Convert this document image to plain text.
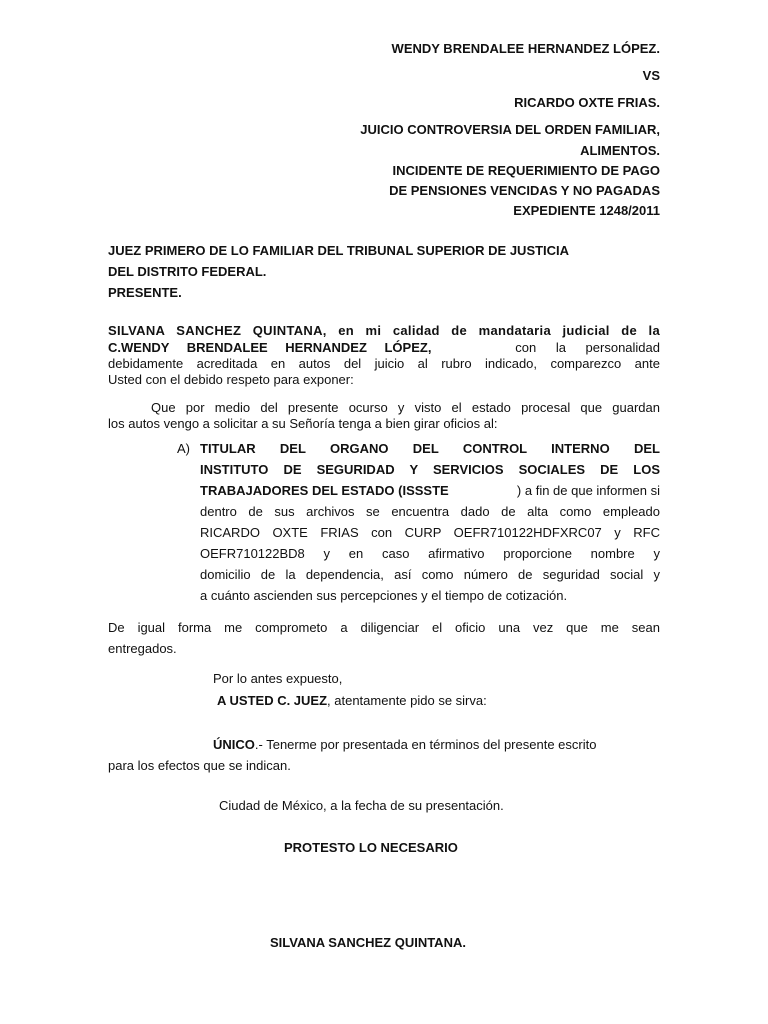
WENDY BRENDALEE HERNANDEZ LÓPEZ.
VS
RICARDO OXTE FRIAS.
JUICIO CONTROVERSIA DEL ORDEN FAMILIAR,
ALIMENTOS.
INCIDENTE DE REQUERIMIENTO DE PAGO
DE PENSIONES VENCIDAS Y NO PAGADAS
EXPEDIENTE 1248/2011
JUEZ PRIMERO DE LO FAMILIAR DEL TRIBUNAL SUPERIOR DE JUSTICIA
DEL DISTRITO FEDERAL.
PRESENTE.
SILVANA SANCHEZ QUINTANA, en mi calidad de mandataria judicial de la
C.WENDY BRENDALEE HERNANDEZ LÓPEZ,	con la personalidad
debidamente acreditada en autos del juicio al rubro indicado, comparezco ante
Usted con el debido respeto para exponer:
Que por medio del presente ocurso y visto el estado procesal que guardan
los autos vengo a solicitar a su Señoría tenga a bien girar oficios al:
A) TITULAR DEL ORGANO DEL CONTROL INTERNO DEL
INSTITUTO DE SEGURIDAD Y SERVICIOS SOCIALES DE LOS
TRABAJADORES DEL ESTADO (ISSSTE	) a fin de que informen si
dentro de sus archivos se encuentra dado de alta como empleado
RICARDO OXTE FRIAS con CURP OEFR710122HDFXRC07 y RFC
OEFR710122BD8 y en caso afirmativo proporcione nombre y
domicilio de la dependencia, así como número de seguridad social y
a cuánto ascienden sus percepciones y el tiempo de cotización.
De igual forma me comprometo a diligenciar el oficio una vez que me sean
entregados.
Por lo antes expuesto,
A USTED C. JUEZ, atentamente pido se sirva:
ÚNICO.- Tenerme por presentada en términos del presente escrito
para los efectos que se indican.
Ciudad de México, a la fecha de su presentación.
PROTESTO LO NECESARIO
SILVANA SANCHEZ QUINTANA.
